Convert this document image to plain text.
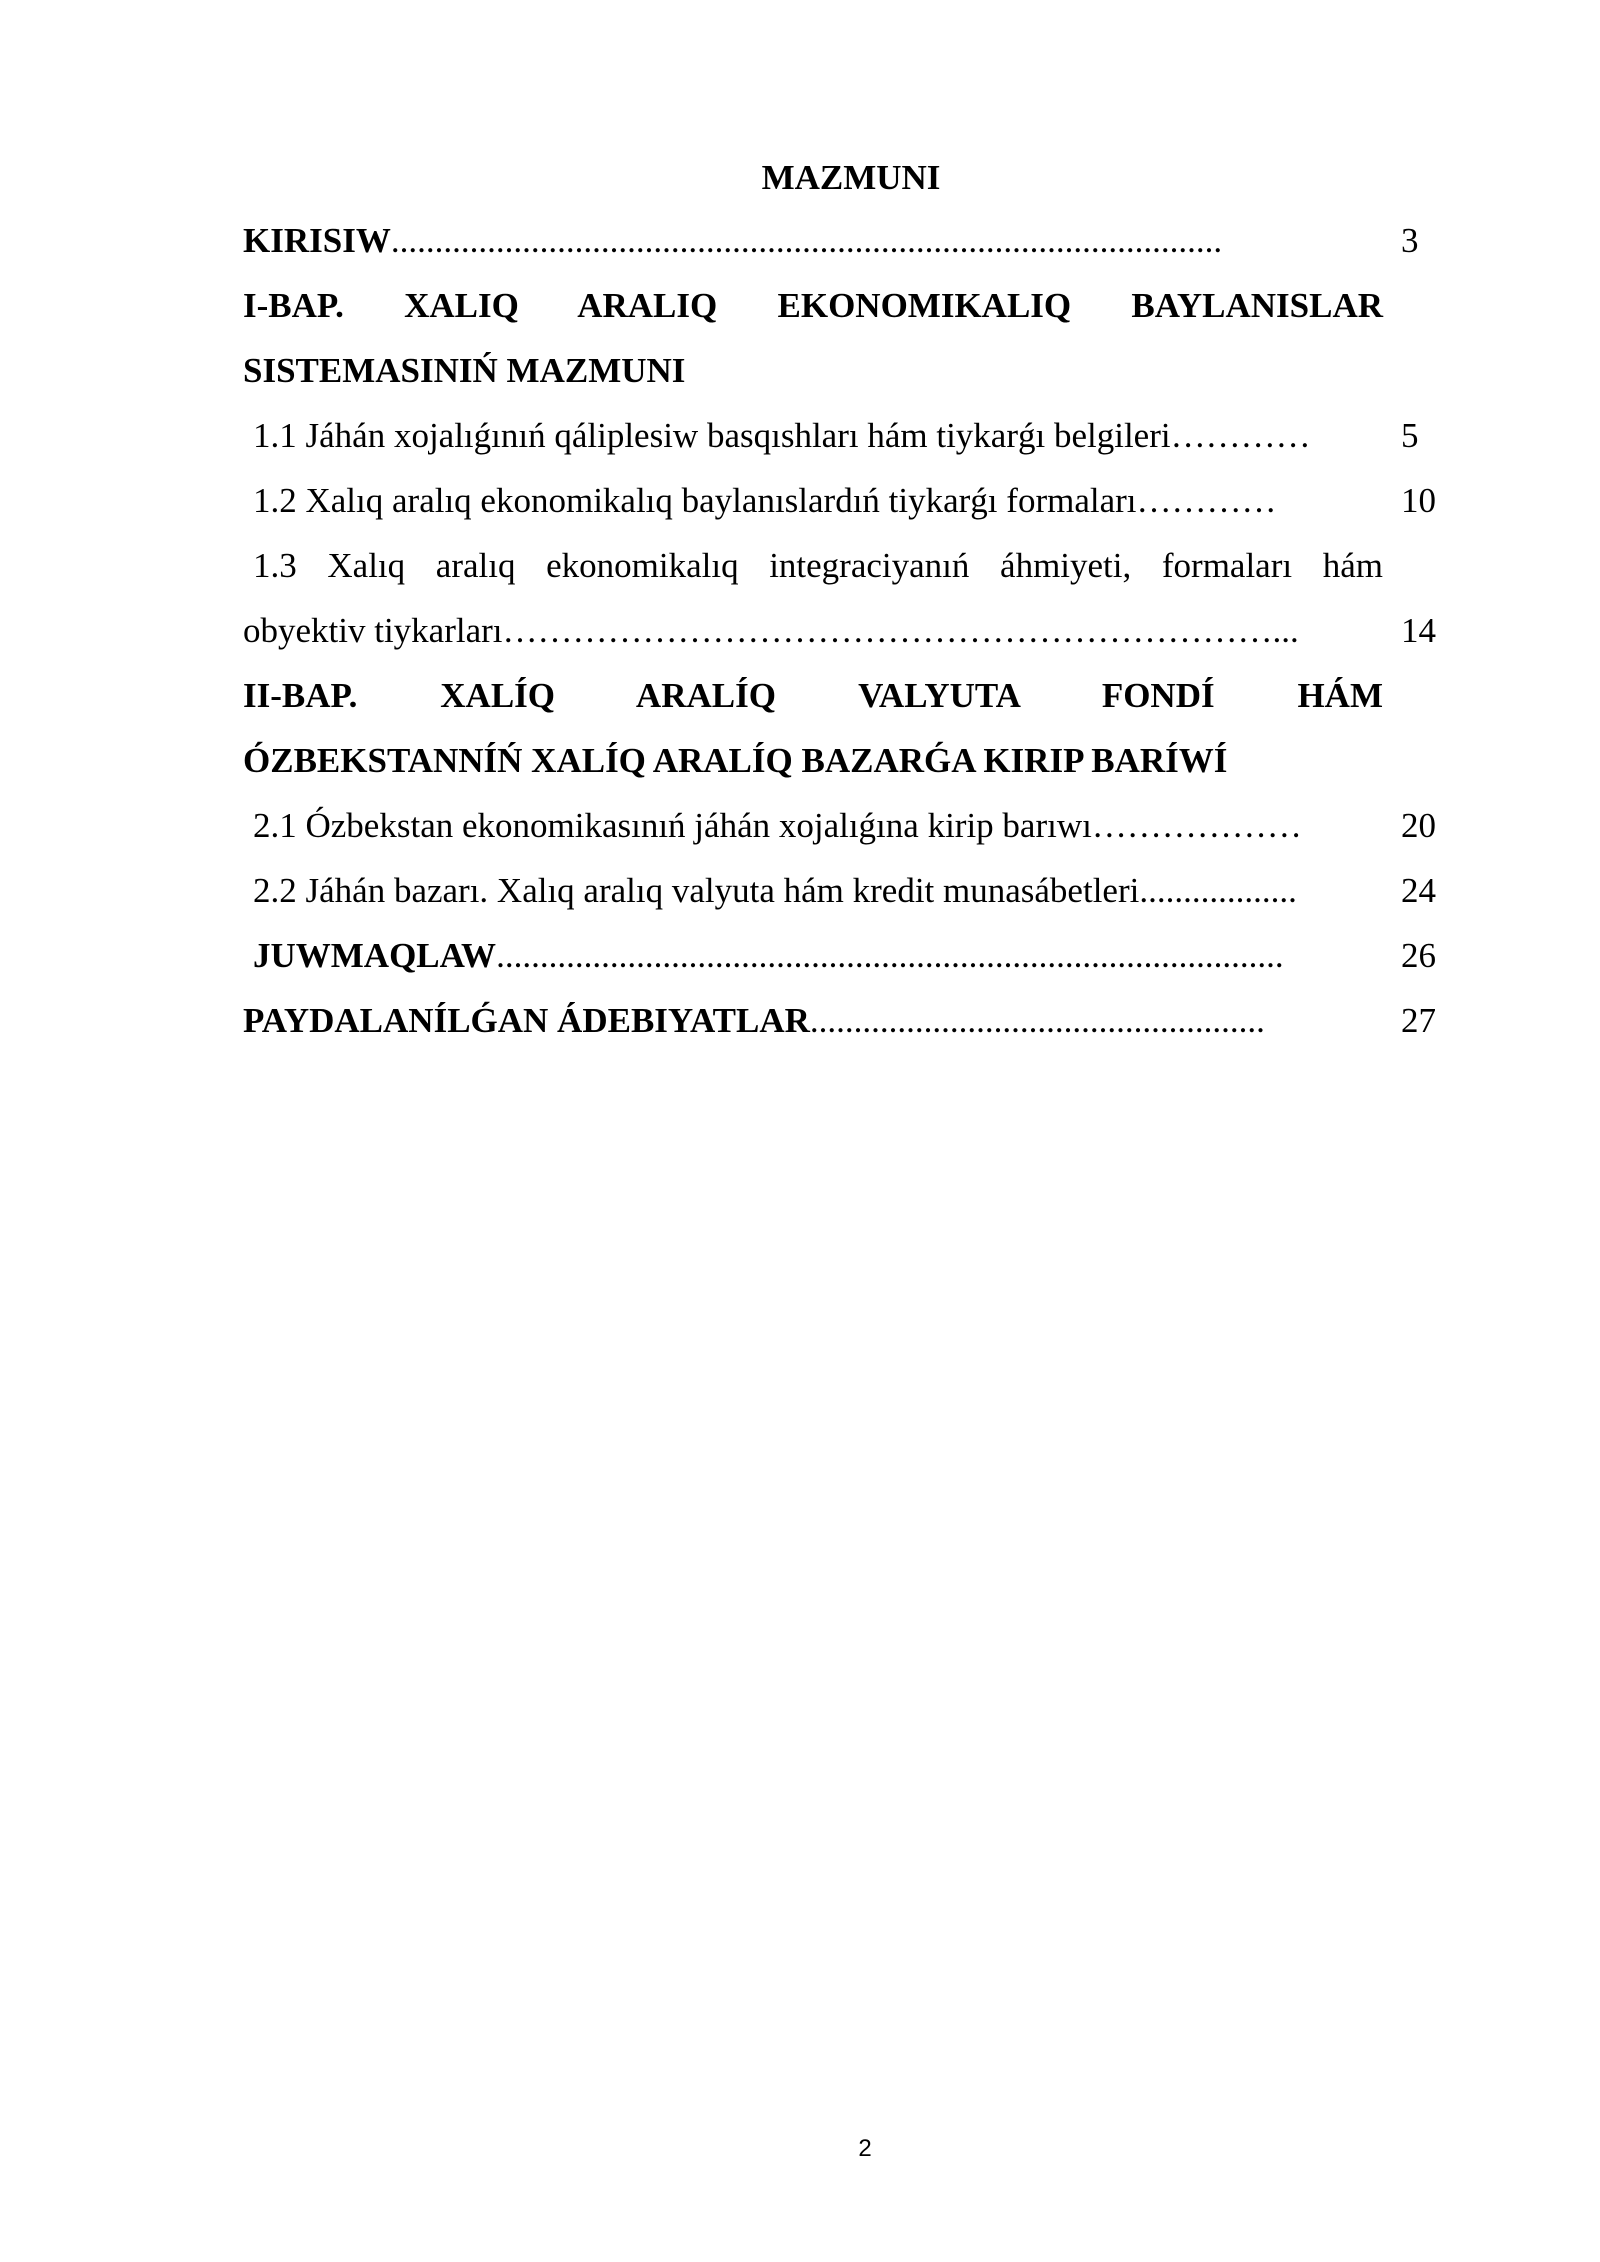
MAZMUNI
KIRISIW...............................................................................................	3
I-BAP. XALIQ ARALIQ EKONOMIKALIQ BAYLANISLAR
SISTEMASINIŃ MAZMUNI
1.1 Jáhán xojalıǵınıń qáliplesiw basqıshları hám tiykarǵı belgileri…………	5
1.2 Xalıq aralıq ekonomikalıq baylanıslardıń tiykarǵı formaları…………	10
1.3 Xalıq aralıq ekonomikalıq integraciyanıń áhmiyeti, formaları hám
obyektiv tiykarları…………………………………………………………...	14
II-BAP. XALÍQ ARALÍQ VALYUTA FONDÍ HÁM
ÓZBEKSTANNÍŃ XALÍQ ARALÍQ BAZARǴA KIRIP BARÍWÍ
2.1 Ózbekstan ekonomikasınıń jáhán xojalıǵına kirip barıwı………………	20
2.2 Jáhán bazarı. Xalıq aralıq valyuta hám kredit munasábetleri..................	24
JUWMAQLAW..........................................................................................	26
PAYDALANÍLǴAN ÁDEBIYATLAR....................................................	27
2
